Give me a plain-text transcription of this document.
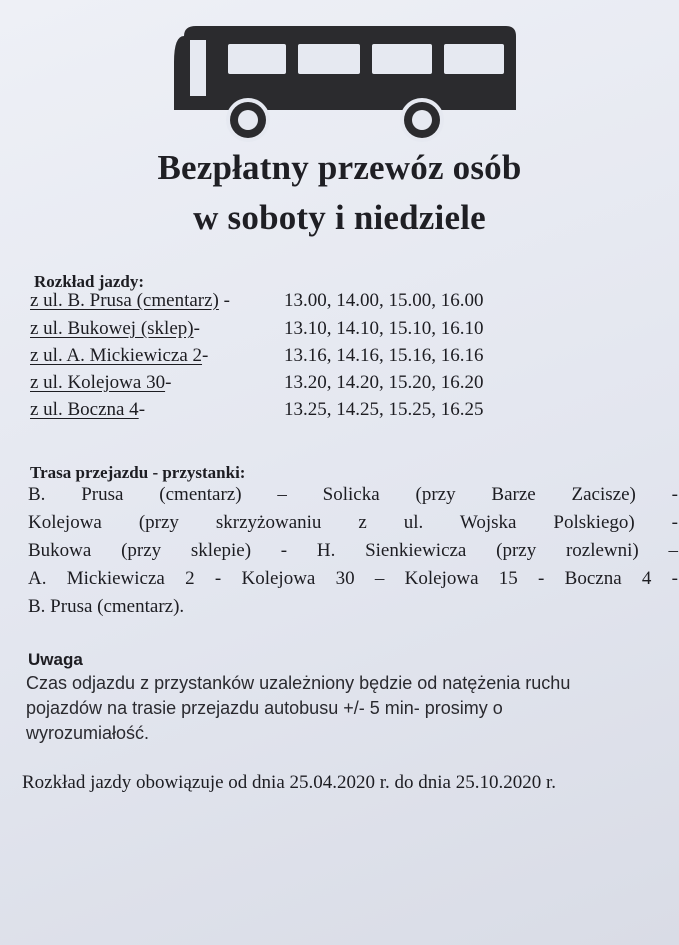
Bezpłatny przewóz osób
w soboty i niedziele
Rozkład jazdy:
z ul. B. Prusa (cmentarz) -	13.00, 14.00, 15.00, 16.00
z ul. Bukowej (sklep)-	13.10, 14.10, 15.10, 16.10
z ul. A. Mickiewicza 2-	13.16, 14.16, 15.16, 16.16
z ul. Kolejowa 30-	13.20, 14.20, 15.20, 16.20
z ul. Boczna 4-	13.25, 14.25, 15.25, 16.25
Trasa przejazdu - przystanki:
B. Prusa (cmentarz) – Solicka (przy Barze Zacisze) -
Kolejowa (przy skrzyżowaniu z ul. Wojska Polskiego) -
Bukowa (przy sklepie) - H. Sienkiewicza (przy rozlewni) –
A. Mickiewicza 2 - Kolejowa 30 – Kolejowa 15 - Boczna 4 -
B. Prusa (cmentarz).
Uwaga
Czas odjazdu z przystanków uzależniony będzie od natężenia ruchu
pojazdów na trasie przejazdu autobusu +/- 5 min- prosimy o
wyrozumiałość.
Rozkład jazdy obowiązuje od dnia 25.04.2020 r. do dnia 25.10.2020 r.
